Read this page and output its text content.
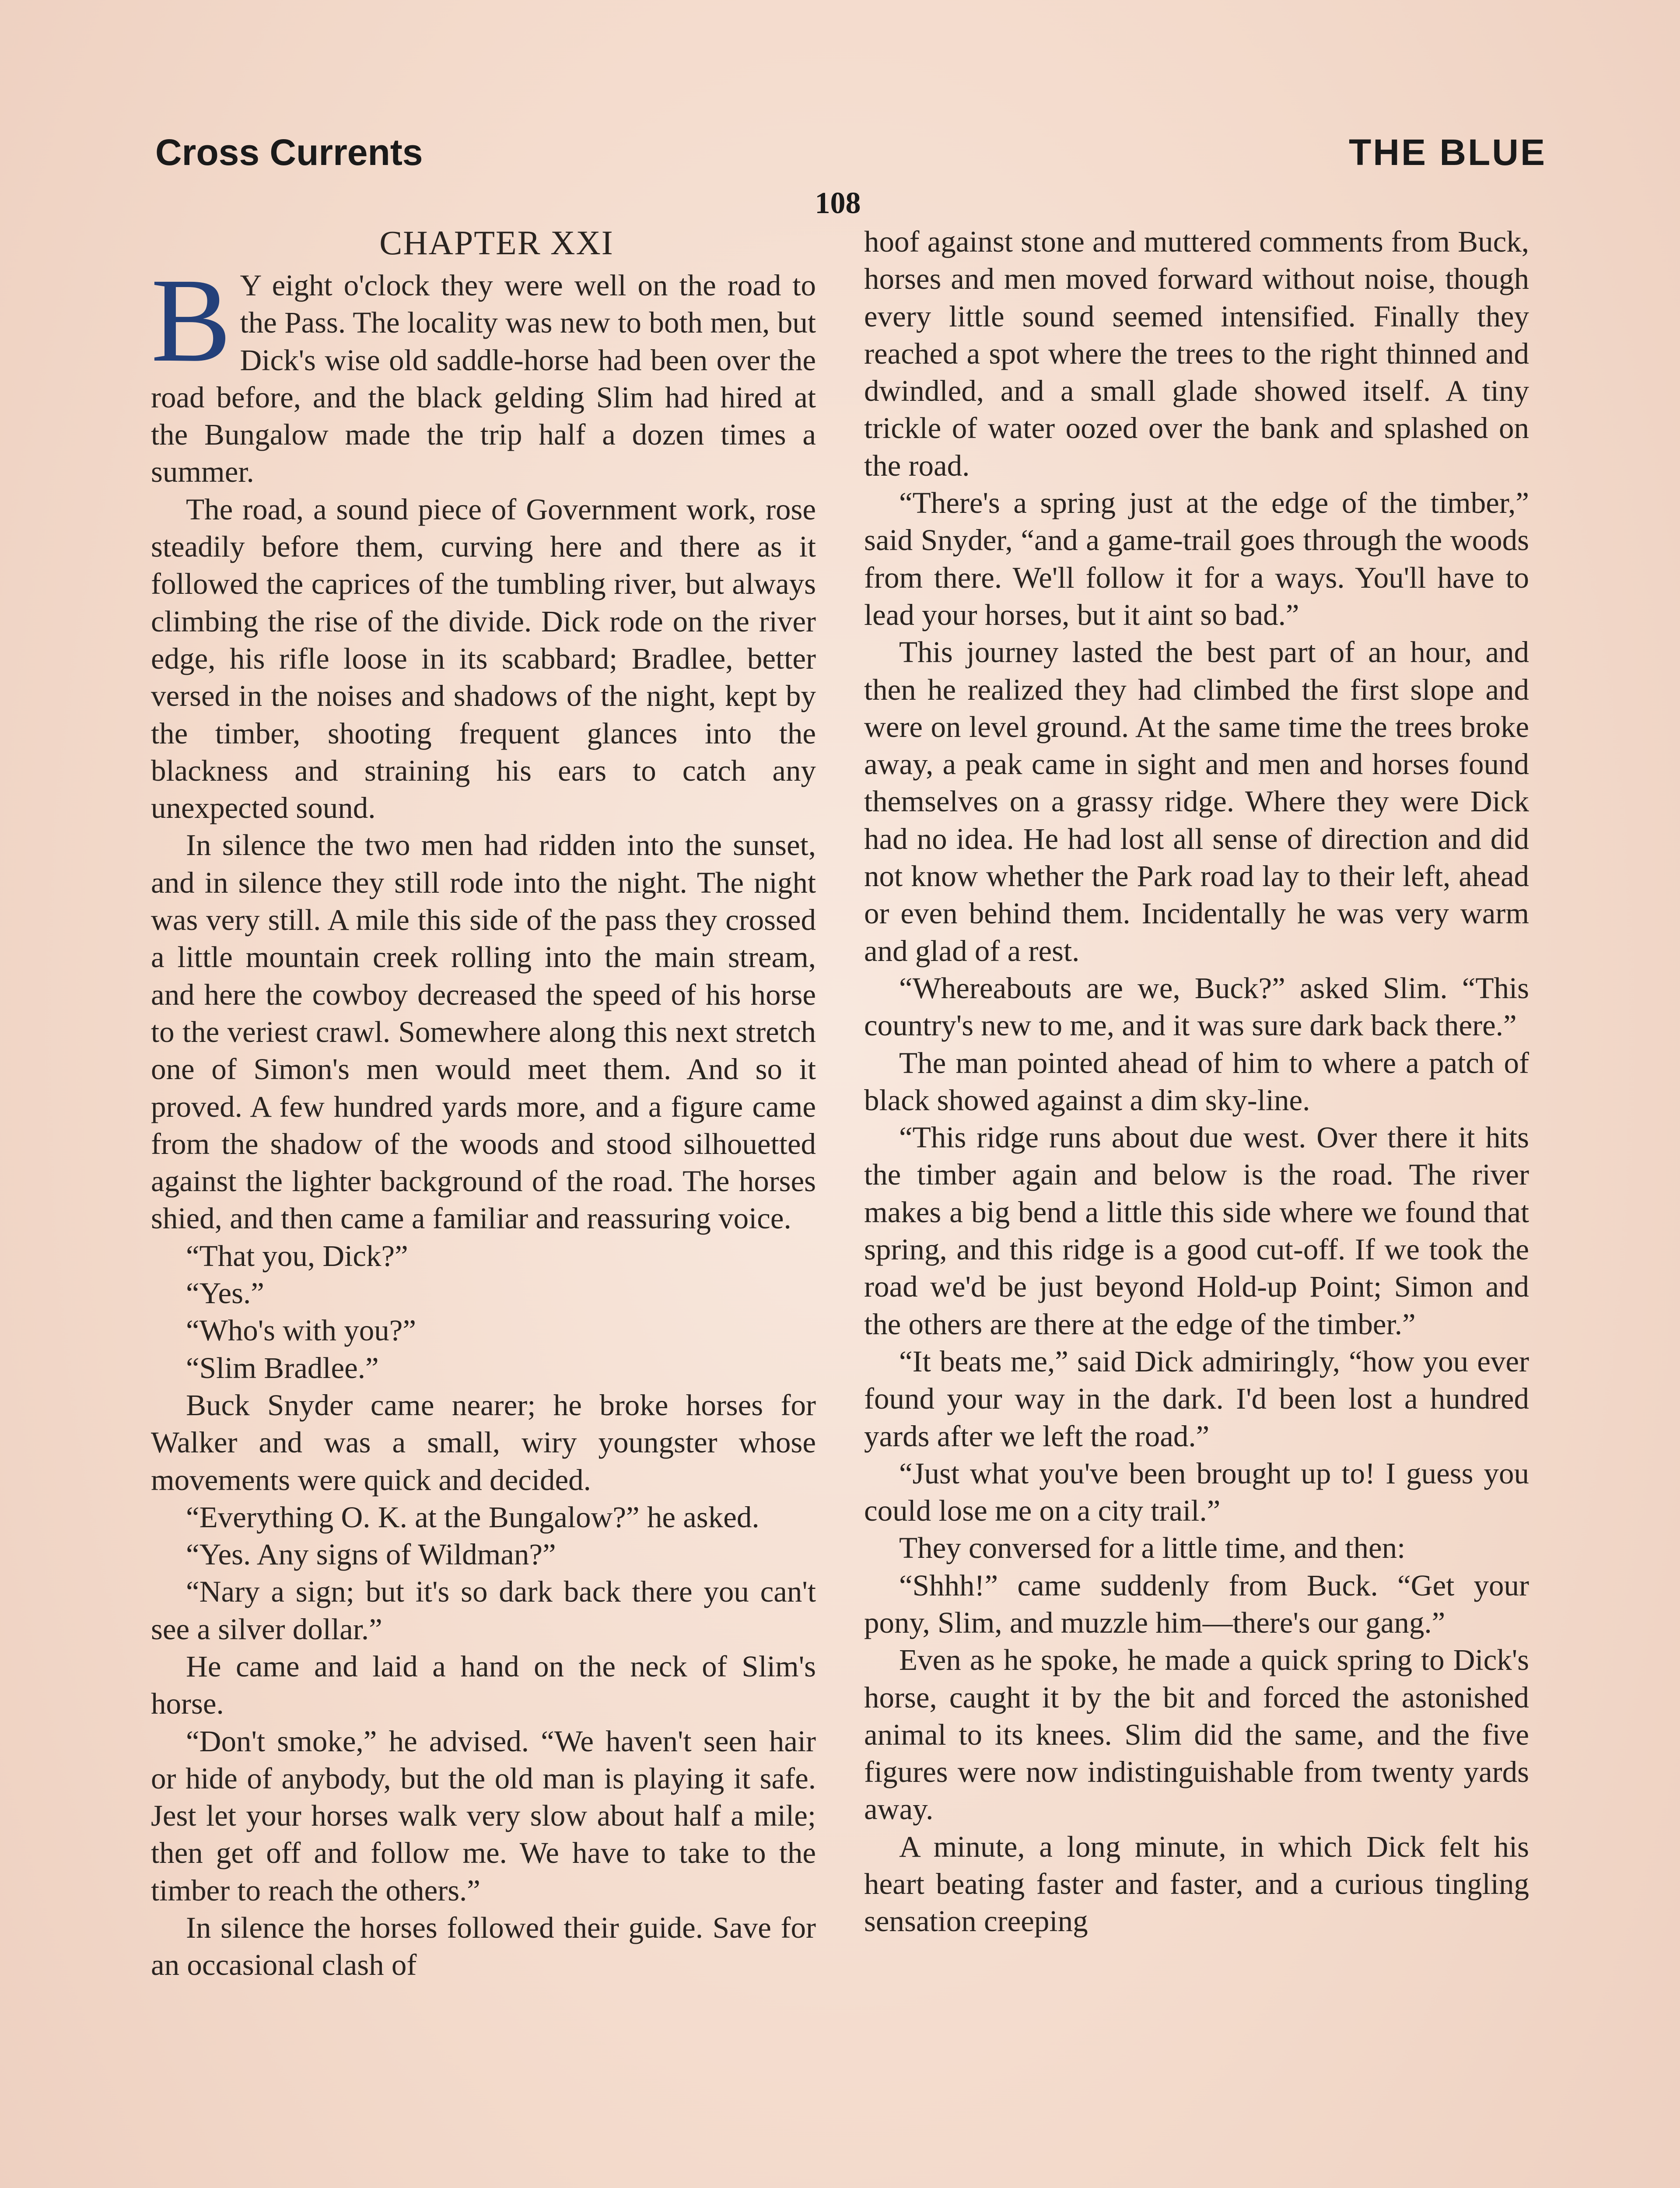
Cross Currents	THE BLUE
108
CHAPTER XXI

B Y eight o'clock they were well on the road to the Pass. The locality was new to both men, but Dick's wise old saddle-horse had been over the road before, and the black gelding Slim had hired at the Bungalow made the trip half a dozen times a summer.

The road, a sound piece of Government work, rose steadily before them, curving here and there as it followed the caprices of the tumbling river, but always climbing the rise of the divide. Dick rode on the river edge, his rifle loose in its scabbard; Bradlee, better versed in the noises and shadows of the night, kept by the timber, shooting frequent glances into the blackness and straining his ears to catch any unexpected sound.

In silence the two men had ridden into the sunset, and in silence they still rode into the night. The night was very still. A mile this side of the pass they crossed a little mountain creek rolling into the main stream, and here the cowboy decreased the speed of his horse to the veriest crawl. Somewhere along this next stretch one of Simon's men would meet them. And so it proved. A few hundred yards more, and a figure came from the shadow of the woods and stood silhouetted against the lighter background of the road. The horses shied, and then came a familiar and reassuring voice.

“That you, Dick?”

“Yes.”

“Who's with you?”

“Slim Bradlee.”

Buck Snyder came nearer; he broke horses for Walker and was a small, wiry youngster whose movements were quick and decided.

“Everything O. K. at the Bungalow?” he asked.

“Yes. Any signs of Wildman?”

“Nary a sign; but it's so dark back there you can't see a silver dollar.”

He came and laid a hand on the neck of Slim's horse.

“Don't smoke,” he advised. “We haven't seen hair or hide of anybody, but the old man is playing it safe. Jest let your horses walk very slow about half a mile; then get off and follow me. We have to take to the timber to reach the others.”

In silence the horses followed their guide. Save for an occasional clash of

hoof against stone and muttered comments from Buck, horses and men moved forward without noise, though every little sound seemed intensified. Finally they reached a spot where the trees to the right thinned and dwindled, and a small glade showed itself. A tiny trickle of water oozed over the bank and splashed on the road.

“There's a spring just at the edge of the timber,” said Snyder, “and a game-trail goes through the woods from there. We'll follow it for a ways. You'll have to lead your horses, but it aint so bad.”

This journey lasted the best part of an hour, and then he realized they had climbed the first slope and were on level ground. At the same time the trees broke away, a peak came in sight and men and horses found themselves on a grassy ridge. Where they were Dick had no idea. He had lost all sense of direction and did not know whether the Park road lay to their left, ahead or even behind them. Incidentally he was very warm and glad of a rest.

“Whereabouts are we, Buck?” asked Slim. “This country's new to me, and it was sure dark back there.”

The man pointed ahead of him to where a patch of black showed against a dim sky-line.

“This ridge runs about due west. Over there it hits the timber again and below is the road. The river makes a big bend a little this side where we found that spring, and this ridge is a good cut-off. If we took the road we'd be just beyond Hold-up Point; Simon and the others are there at the edge of the timber.”

“It beats me,” said Dick admiringly, “how you ever found your way in the dark. I'd been lost a hundred yards after we left the road.”

“Just what you've been brought up to! I guess you could lose me on a city trail.”

They conversed for a little time, and then:

“Shhh!” came suddenly from Buck. “Get your pony, Slim, and muzzle him—there's our gang.”

Even as he spoke, he made a quick spring to Dick's horse, caught it by the bit and forced the astonished animal to its knees. Slim did the same, and the five figures were now indistinguishable from twenty yards away.

A minute, a long minute, in which Dick felt his heart beating faster and faster, and a curious tingling sensation creeping
